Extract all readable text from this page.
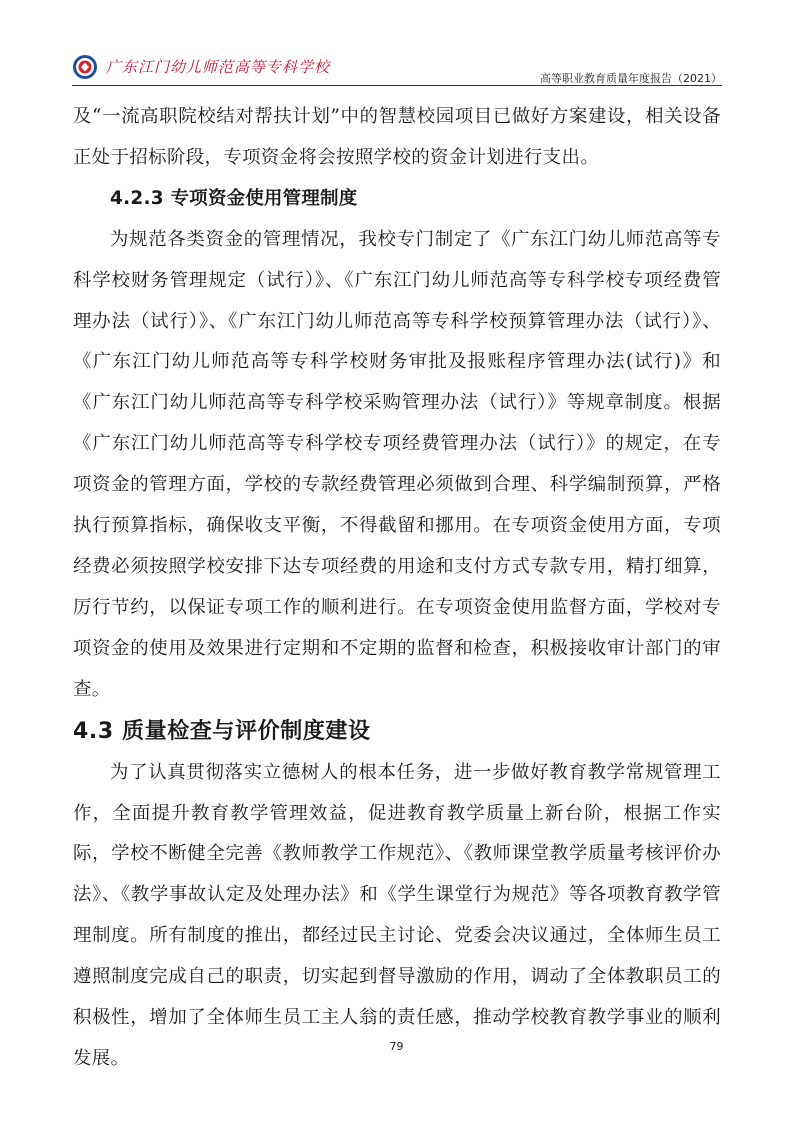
广东江门幼儿师范高等专科学校
高等职业教育质量年度报告（2021）

及“一流高职院校结对帮扶计划”中的智慧校园项目已做好方案建设，相关设备正处于招标阶段，专项资金将会按照学校的资金计划进行支出。

4.2.3 专项资金使用管理制度

为规范各类资金的管理情况，我校专门制定了《广东江门幼儿师范高等专科学校财务管理规定（试行）》、《广东江门幼儿师范高等专科学校专项经费管理办法（试行）》、《广东江门幼儿师范高等专科学校预算管理办法（试行）》、《广东江门幼儿师范高等专科学校财务审批及报账程序管理办法(试行)》和《广东江门幼儿师范高等专科学校采购管理办法（试行）》等规章制度。根据《广东江门幼儿师范高等专科学校专项经费管理办法（试行）》的规定，在专项资金的管理方面，学校的专款经费管理必须做到合理、科学编制预算，严格执行预算指标，确保收支平衡，不得截留和挪用。在专项资金使用方面，专项经费必须按照学校安排下达专项经费的用途和支付方式专款专用，精打细算，厉行节约，以保证专项工作的顺利进行。在专项资金使用监督方面，学校对专项资金的使用及效果进行定期和不定期的监督和检查，积极接收审计部门的审查。

4.3 质量检查与评价制度建设

为了认真贯彻落实立德树人的根本任务，进一步做好教育教学常规管理工作，全面提升教育教学管理效益，促进教育教学质量上新台阶，根据工作实际，学校不断健全完善《教师教学工作规范》、《教师课堂教学质量考核评价办法》、《教学事故认定及处理办法》和《学生课堂行为规范》等各项教育教学管理制度。所有制度的推出，都经过民主讨论、党委会决议通过，全体师生员工遵照制度完成自己的职责，切实起到督导激励的作用，调动了全体教职员工的积极性，增加了全体师生员工主人翁的责任感，推动学校教育教学事业的顺利发展。

79
